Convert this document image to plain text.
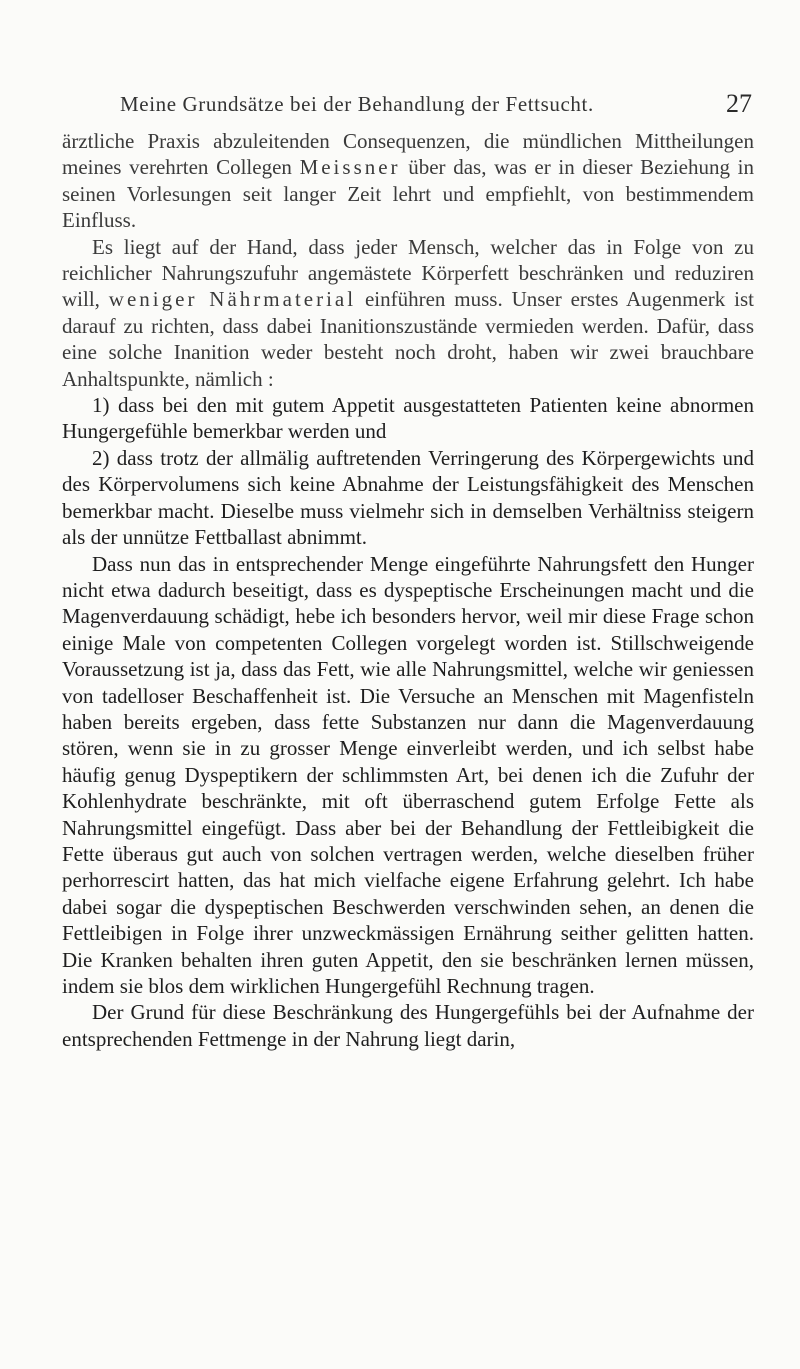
Meine Grundsätze bei der Behandlung der Fettsucht.	27

ärztliche Praxis abzuleitenden Consequenzen, die mündlichen Mittheilungen meines verehrten Collegen Meissner über das, was er in dieser Beziehung in seinen Vorlesungen seit langer Zeit lehrt und empfiehlt, von bestimmendem Einfluss.

Es liegt auf der Hand, dass jeder Mensch, welcher das in Folge von zu reichlicher Nahrungszufuhr angemästete Körperfett beschränken und reduziren will, weniger Nährmaterial einführen muss. Unser erstes Augenmerk ist darauf zu richten, dass dabei Inanitionszustände vermieden werden. Dafür, dass eine solche Inanition weder besteht noch droht, haben wir zwei brauchbare Anhaltspunkte, nämlich :

1) dass bei den mit gutem Appetit ausgestatteten Patienten keine abnormen Hungergefühle bemerkbar werden und

2) dass trotz der allmälig auftretenden Verringerung des Körpergewichts und des Körpervolumens sich keine Abnahme der Leistungsfähigkeit des Menschen bemerkbar macht. Dieselbe muss vielmehr sich in demselben Verhältniss steigern als der unnütze Fettballast abnimmt.

Dass nun das in entsprechender Menge eingeführte Nahrungsfett den Hunger nicht etwa dadurch beseitigt, dass es dyspeptische Erscheinungen macht und die Magenverdauung schädigt, hebe ich besonders hervor, weil mir diese Frage schon einige Male von competenten Collegen vorgelegt worden ist. Stillschweigende Voraussetzung ist ja, dass das Fett, wie alle Nahrungsmittel, welche wir geniessen von tadelloser Beschaffenheit ist. Die Versuche an Menschen mit Magenfisteln haben bereits ergeben, dass fette Substanzen nur dann die Magenverdauung stören, wenn sie in zu grosser Menge einverleibt werden, und ich selbst habe häufig genug Dyspeptikern der schlimmsten Art, bei denen ich die Zufuhr der Kohlenhydrate beschränkte, mit oft überraschend gutem Erfolge Fette als Nahrungsmittel eingefügt. Dass aber bei der Behandlung der Fettleibigkeit die Fette überaus gut auch von solchen vertragen werden, welche dieselben früher perhorrescirt hatten, das hat mich vielfache eigene Erfahrung gelehrt. Ich habe dabei sogar die dyspeptischen Beschwerden verschwinden sehen, an denen die Fettleibigen in Folge ihrer unzweckmässigen Ernährung seither gelitten hatten. Die Kranken behalten ihren guten Appetit, den sie beschränken lernen müssen, indem sie blos dem wirklichen Hungergefühl Rechnung tragen.

Der Grund für diese Beschränkung des Hungergefühls bei der Aufnahme der entsprechenden Fettmenge in der Nahrung liegt darin,
